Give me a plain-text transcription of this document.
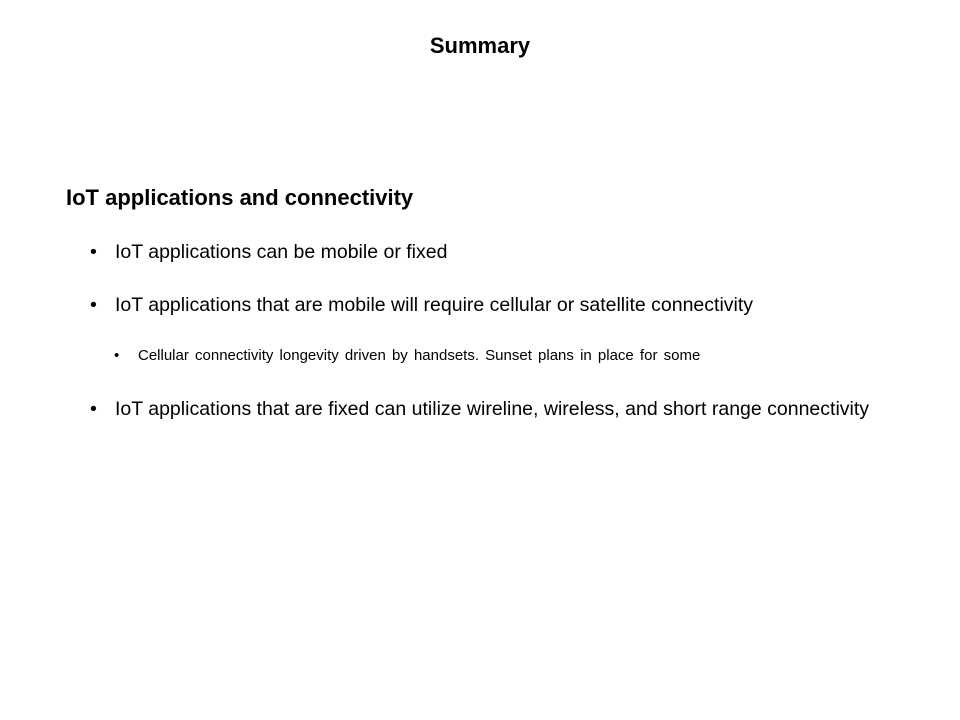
Summary
IoT applications and connectivity
• IoT applications can be mobile or fixed
• IoT applications that are mobile will require cellular or satellite connectivity
• Cellular connectivity longevity driven by handsets. Sunset plans in place for some
• IoT applications that are fixed can utilize wireline, wireless, and short range connectivity
